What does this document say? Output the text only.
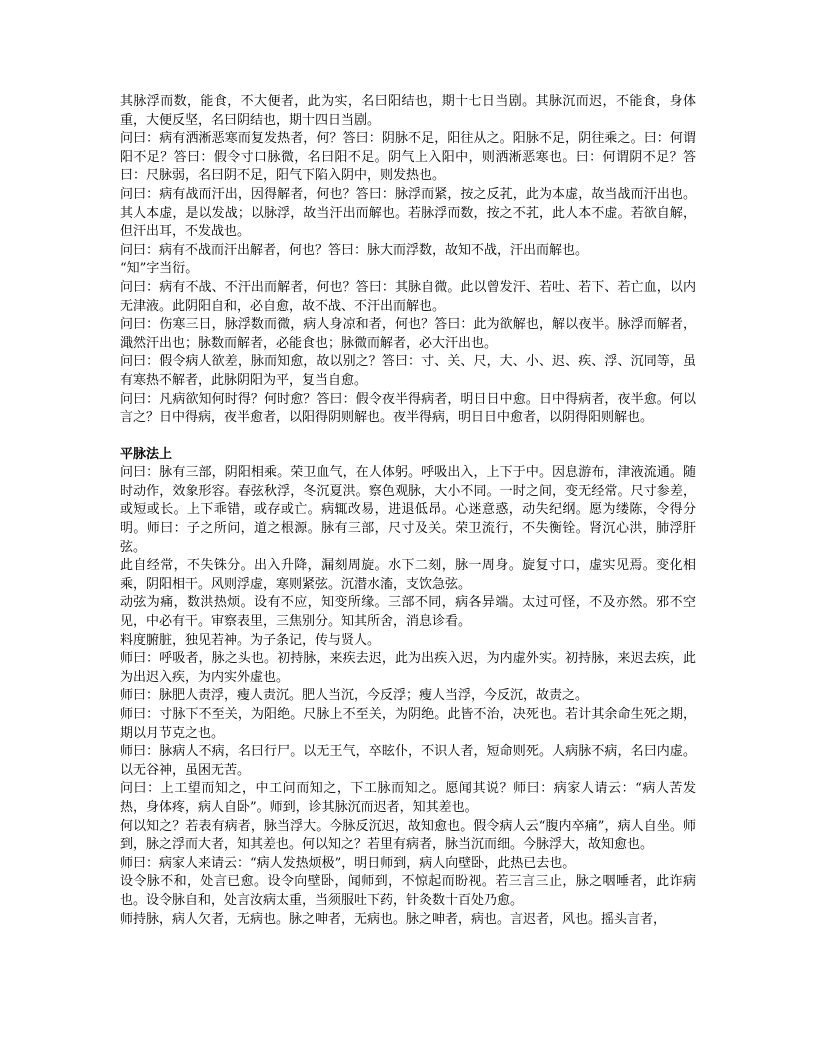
其脉浮而数，能食，不大便者，此为实，名曰阳结也，期十七日当剧。其脉沉而迟，不能食，身体重，大便反坚，名曰阴结也，期十四日当剧。

问曰：病有洒淅恶寒而复发热者，何？答曰：阴脉不足，阳往从之。阳脉不足，阴往乘之。曰：何谓阳不足？答曰：假令寸口脉微，名曰阳不足。阴气上入阳中，则洒淅恶寒也。曰：何谓阴不足？答曰：尺脉弱，名曰阴不足，阳气下陷入阴中，则发热也。

问曰：病有战而汗出，因得解者，何也？答曰：脉浮而紧，按之反芤，此为本虚，故当战而汗出也。其人本虚，是以发战；以脉浮，故当汗出而解也。若脉浮而数，按之不芤，此人本不虚。若欲自解，但汗出耳，不发战也。

问曰：病有不战而汗出解者，何也？答曰：脉大而浮数，故知不战，汗出而解也。

“知”字当衍。

问曰：病有不战、不汗出而解者，何也？答曰：其脉自微。此以曾发汗、若吐、若下、若亡血，以内无津液。此阴阳自和，必自愈，故不战、不汗出而解也。

问曰：伤寒三日，脉浮数而微，病人身凉和者，何也？答曰：此为欲解也，解以夜半。脉浮而解者，濈然汗出也；脉数而解者，必能食也；脉微而解者，必大汗出也。

问曰：假令病人欲差，脉而知愈，故以别之？答曰：寸、关、尺，大、小、迟、疾、浮、沉同等，虽有寒热不解者，此脉阴阳为平，复当自愈。

问曰：凡病欲知何时得？何时愈？答曰：假令夜半得病者，明日日中愈。日中得病者，夜半愈。何以言之？日中得病，夜半愈者，以阳得阴则解也。夜半得病，明日日中愈者，以阴得阳则解也。

平脉法上

问曰：脉有三部，阴阳相乘。荣卫血气，在人体躬。呼吸出入，上下于中。因息游布，津液流通。随时动作，效象形容。春弦秋浮，冬沉夏洪。察色观脉，大小不同。一时之间，变无经常。尺寸参差，或短或长。上下乖错，或存或亡。病辄改易，进退低昂。心迷意惑，动失纪纲。愿为缕陈，令得分明。师曰：子之所问，道之根源。脉有三部，尺寸及关。荣卫流行，不失衡铨。肾沉心洪，肺浮肝弦。

此自经常，不失铢分。出入升降，漏刻周旋。水下二刻，脉一周身。旋复寸口，虚实见焉。变化相乘，阴阳相干。风则浮虚，寒则紧弦。沉潜水滀，支饮急弦。

动弦为痛，数洪热烦。设有不应，知变所缘。三部不同，病各异端。太过可怪，不及亦然。邪不空见，中必有干。审察表里，三焦别分。知其所舍，消息诊看。

料度腑脏，独见若神。为子条记，传与贤人。

师曰：呼吸者，脉之头也。初持脉，来疾去迟，此为出疾入迟，为内虚外实。初持脉，来迟去疾，此为出迟入疾，为内实外虚也。

师曰：脉肥人责浮，瘦人责沉。肥人当沉，今反浮；瘦人当浮，今反沉，故责之。

师曰：寸脉下不至关，为阳绝。尺脉上不至关，为阴绝。此皆不治，决死也。若计其余命生死之期，期以月节克之也。

师曰：脉病人不病，名曰行尸。以无王气，卒眩仆，不识人者，短命则死。人病脉不病，名曰内虚。以无谷神，虽困无苦。

问曰：上工望而知之，中工问而知之，下工脉而知之。愿闻其说？师曰：病家人请云：“病人苦发热，身体疼，病人自卧”。师到，诊其脉沉而迟者，知其差也。

何以知之？若表有病者，脉当浮大。今脉反沉迟，故知愈也。假令病人云“腹内卒痛”，病人自坐。师到，脉之浮而大者，知其差也。何以知之？若里有病者，脉当沉而细。今脉浮大，故知愈也。

师曰：病家人来请云：“病人发热烦极”，明日师到，病人向壁卧，此热已去也。

设令脉不和，处言已愈。设令向壁卧，闻师到，不惊起而盼视。若三言三止，脉之咽唾者，此诈病也。设令脉自和，处言汝病太重，当须服吐下药，针灸数十百处乃愈。

师持脉，病人欠者，无病也。脉之呻者，无病也。脉之呻者，病也。言迟者，风也。摇头言者，
